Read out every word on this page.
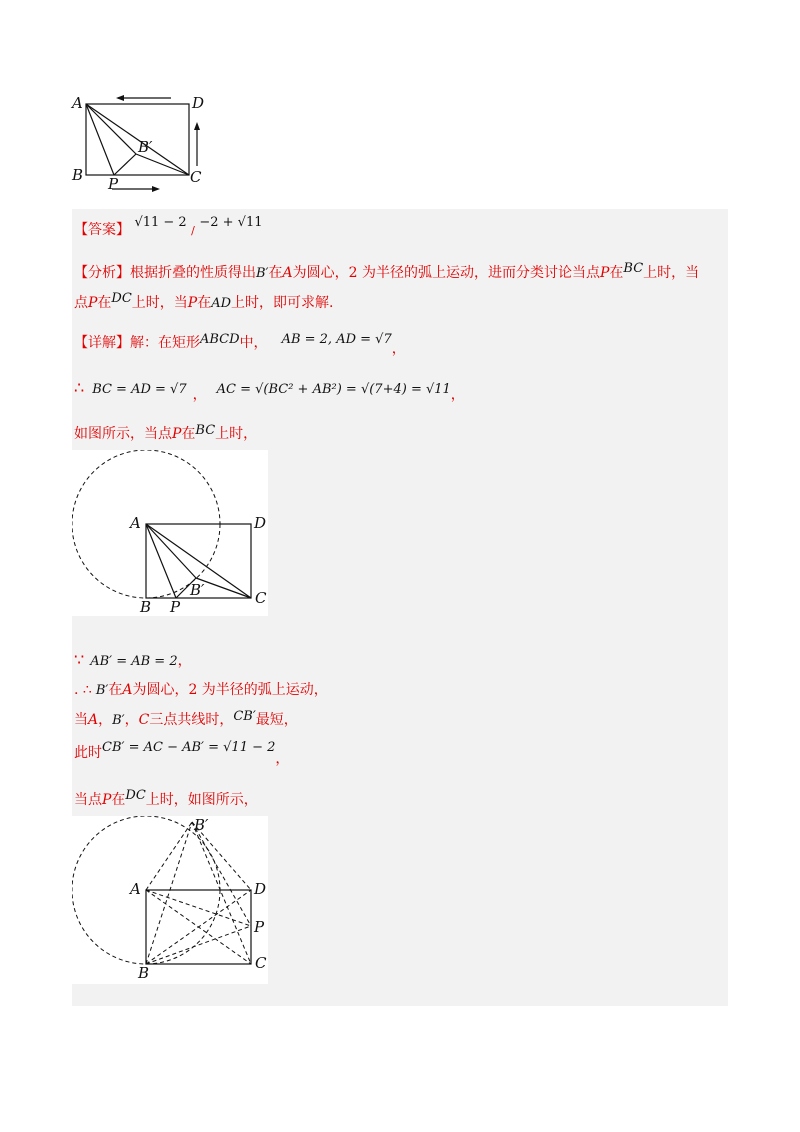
A	D
B	C
B′
P
【答案】 √11 − 2 / −2 + √11
【分析】根据折叠的性质得出B′在A为圆心，2 为半径的弧上运动，进而分类讨论当点P在BC上时，当
点P在DC上时，当P在AD上时，即可求解.
【详解】解：在矩形ABCD中， AB = 2, AD = √7，
∴ BC = AD = √7 ， AC = √(BC² + AB²) = √(7+4) = √11，
如图所示，当点P在BC上时，
A	D
B P	C
B′
∵ AB′ = AB = 2，
. ∴ B′在A为圆心，2 为半径的弧上运动，
当A，B′，C三点共线时，CB′最短，
此时CB′ = AC − AB′ = √11 − 2，
当点P在DC上时，如图所示，
B′
A	D
P
B
C
